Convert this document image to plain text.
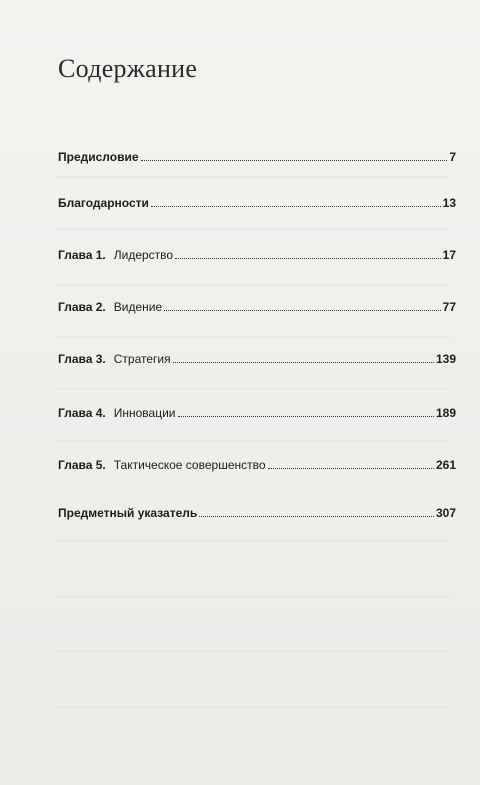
Содержание
Предисловие	7
Благодарности	13
Глава 1. Лидерство	17
Глава 2. Видение	77
Глава 3. Стратегия	139
Глава 4. Инновации	189
Глава 5. Тактическое совершенство	261
Предметный указатель	307
